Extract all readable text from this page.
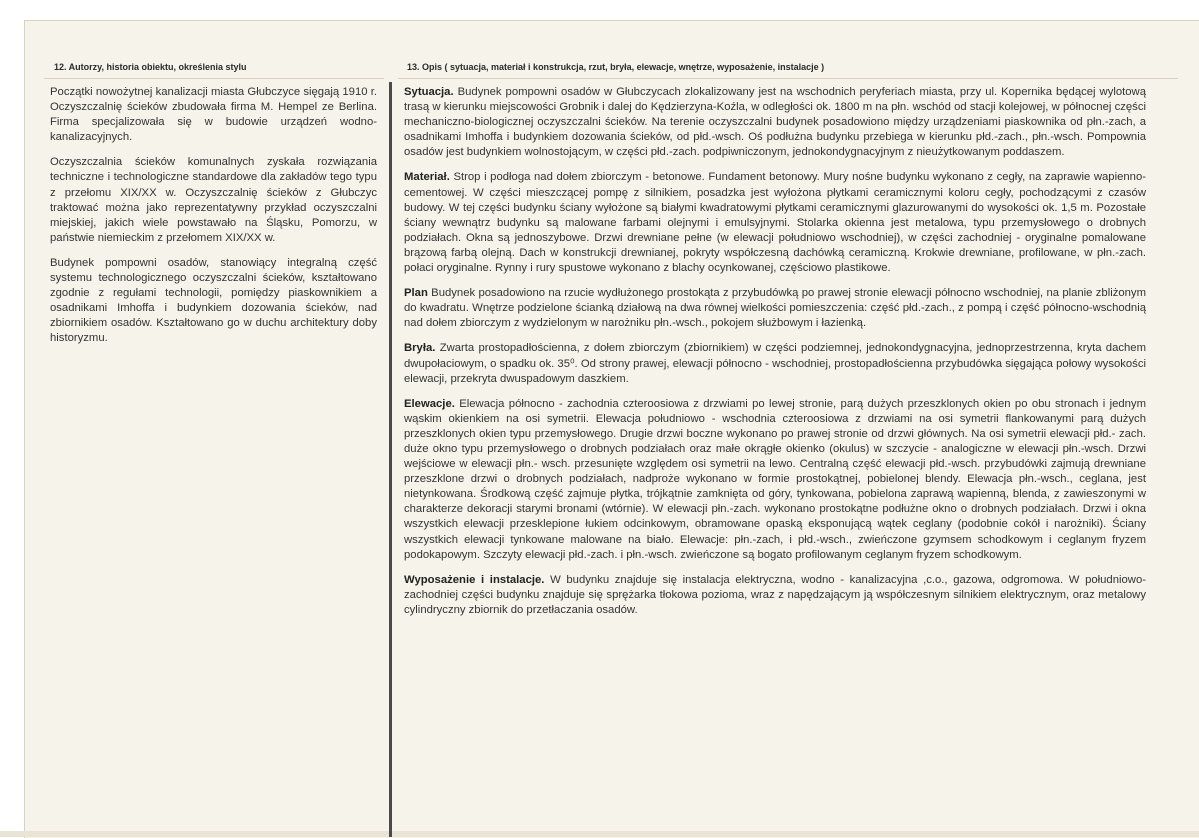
12. Autorzy, historia obiektu, określenia stylu	13. Opis ( sytuacja, materiał i konstrukcja, rzut, bryła, elewacje, wnętrze, wyposażenie, instalacje )

Początki nowożytnej kanalizacji miasta Głubczyce sięgają 1910 r. Oczyszczalnię ścieków zbudowała firma M. Hempel ze Berlina. Firma specjalizowała się w budowie urządzeń wodno- kanalizacyjnych.

Oczyszczalnia ścieków komunalnych zyskała rozwiązania techniczne i technologiczne standardowe dla zakładów tego typu z przełomu XIX/XX w. Oczyszczalnię ścieków z Głubczyc traktować można jako reprezentatywny przykład oczyszczalni miejskiej, jakich wiele powstawało na Śląsku, Pomorzu, w państwie niemieckim z przełomem XIX/XX w.

Budynek pompowni osadów, stanowiący integralną część systemu technologicznego oczyszczalni ścieków, kształtowano zgodnie z regułami technologii, pomiędzy piaskownikiem a osadnikami Imhoffa i budynkiem dozowania ścieków, nad zbiornikiem osadów. Kształtowano go w duchu architektury doby historyzmu.

Sytuacja. Budynek pompowni osadów w Głubczycach zlokalizowany jest na wschodnich peryferiach miasta, przy ul. Kopernika będącej wylotową trasą w kierunku miejscowości Grobnik i dalej do Kędzierzyna-Koźla, w odległości ok. 1800 m na płn. wschód od stacji kolejowej, w północnej części mechaniczno-biologicznej oczyszczalni ścieków. Na terenie oczyszczalni budynek posadowiono między urządzeniami piaskownika od płn.-zach, a osadnikami Imhoffa i budynkiem dozowania ścieków, od płd.-wsch. Oś podłużna budynku przebiega w kierunku płd.-zach., płn.-wsch. Pompownia osadów jest budynkiem wolnostojącym, w części płd.-zach. podpiwniczonym, jednokondygnacyjnym z nieużytkowanym poddaszem.

Materiał. Strop i podłoga nad dołem zbiorczym - betonowe. Fundament betonowy. Mury nośne budynku wykonano z cegły, na zaprawie wapienno-cementowej. W części mieszczącej pompę z silnikiem, posadzka jest wyłożona płytkami ceramicznymi koloru cegły, pochodzącymi z czasów budowy. W tej części budynku ściany wyłożone są białymi kwadratowymi płytkami ceramicznymi glazurowanymi do wysokości ok. 1,5 m. Pozostałe ściany wewnątrz budynku są malowane farbami olejnymi i emulsyjnymi. Stolarka okienna jest metalowa, typu przemysłowego o drobnych podziałach. Okna są jednoszybowe. Drzwi drewniane pełne (w elewacji południowo wschodniej), w części zachodniej - oryginalne pomalowane brązową farbą olejną. Dach w konstrukcji drewnianej, pokryty współczesną dachówką ceramiczną. Krokwie drewniane, profilowane, w płn.-zach. połaci oryginalne. Rynny i rury spustowe wykonano z blachy ocynkowanej, częściowo plastikowe.

Plan Budynek posadowiono na rzucie wydłużonego prostokąta z przybudówką po prawej stronie elewacji północno wschodniej, na planie zbliżonym do kwadratu. Wnętrze podzielone ścianką działową na dwa równej wielkości pomieszczenia: część płd.-zach., z pompą i część północno-wschodnią nad dołem zbiorczym z wydzielonym w narożniku płn.-wsch., pokojem służbowym i łazienką.

Bryła. Zwarta prostopadłościenna, z dołem zbiorczym (zbiornikiem) w części podziemnej, jednokondygnacyjna, jednoprzestrzenna, kryta dachem dwupołaciowym, o spadku ok. 35⁰. Od strony prawej, elewacji północno - wschodniej, prostopadłościenna przybudówka sięgająca połowy wysokości elewacji, przekryta dwuspadowym daszkiem.

Elewacje. Elewacja północno - zachodnia czteroosiowa z drzwiami po lewej stronie, parą dużych przeszklonych okien po obu stronach i jednym wąskim okienkiem na osi symetrii. Elewacja południowo - wschodnia czteroosiowa z drzwiami na osi symetrii flankowanymi parą dużych przeszklonych okien typu przemysłowego. Drugie drzwi boczne wykonano po prawej stronie od drzwi głównych. Na osi symetrii elewacji płd.- zach. duże okno typu przemysłowego o drobnych podziałach oraz małe okrągłe okienko (okulus) w szczycie - analogiczne w elewacji płn.-wsch. Drzwi wejściowe w elewacji płn.- wsch. przesunięte względem osi symetrii na lewo. Centralną część elewacji płd.-wsch. przybudówki zajmują drewniane przeszklone drzwi o drobnych podziałach, nadproże wykonano w formie prostokątnej, pobielonej blendy. Elewacja płn.-wsch., ceglana, jest nietynkowana. Środkową część zajmuje płytka, trójkątnie zamknięta od góry, tynkowana, pobielona zaprawą wapienną, blenda, z zawieszonymi w charakterze dekoracji starymi bronami (wtórnie). W elewacji płn.-zach. wykonano prostokątne podłużne okno o drobnych podziałach. Drzwi i okna wszystkich elewacji przesklepione łukiem odcinkowym, obramowane opaską eksponującą wątek ceglany (podobnie cokół i narożniki). Ściany wszystkich elewacji tynkowane malowane na biało. Elewacje: płn.-zach, i płd.-wsch., zwieńczone gzymsem schodkowym i ceglanym fryzem podokapowym. Szczyty elewacji płd.-zach. i płn.-wsch. zwieńczone są bogato profilowanym ceglanym fryzem schodkowym.

Wyposażenie i instalacje. W budynku znajduje się instalacja elektryczna, wodno - kanalizacyjna ,c.o., gazowa, odgromowa. W południowo-zachodniej części budynku znajduje się sprężarka tłokowa pozioma, wraz z napędzającym ją współczesnym silnikiem elektrycznym, oraz metalowy cylindryczny zbiornik do przetłaczania osadów.
